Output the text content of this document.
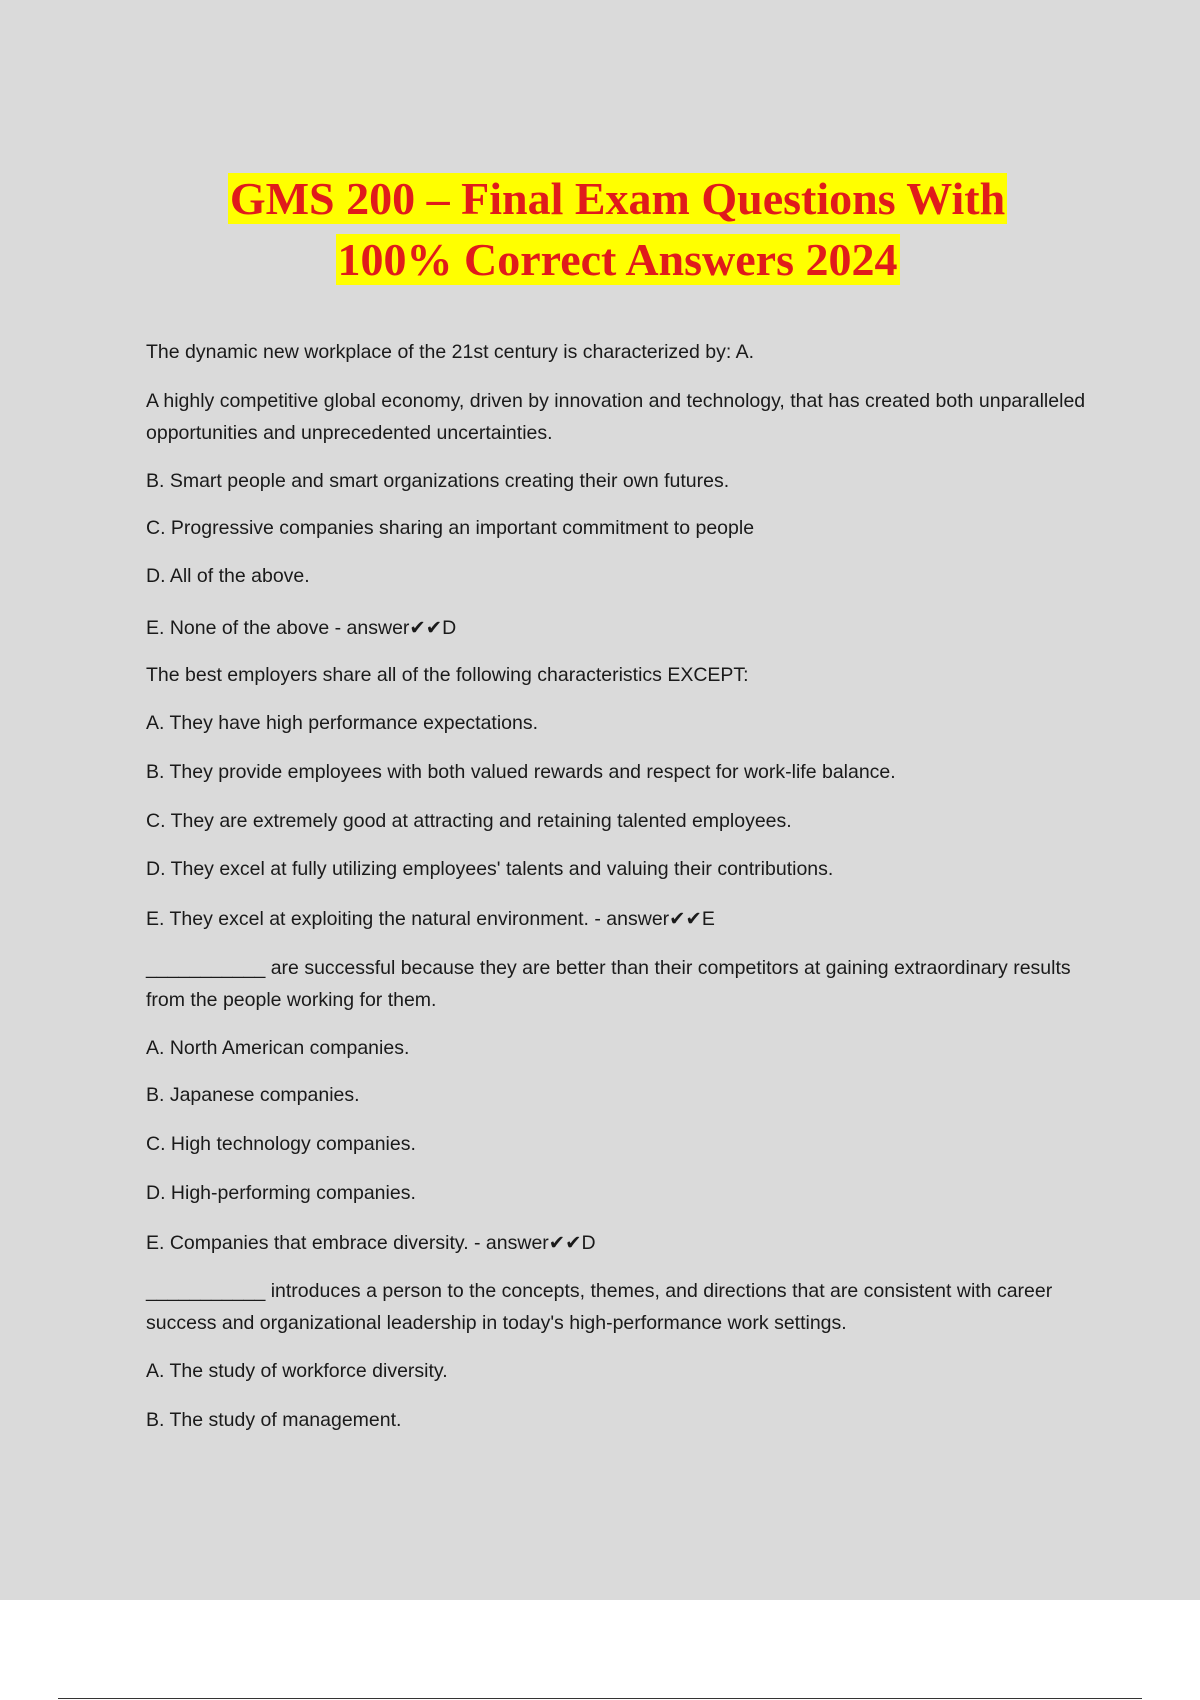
GMS 200 – Final Exam Questions With
100% Correct Answers 2024
The dynamic new workplace of the 21st century is characterized by: A.
A highly competitive global economy, driven by innovation and technology, that has created both unparalleled opportunities and unprecedented uncertainties.
B. Smart people and smart organizations creating their own futures.
C. Progressive companies sharing an important commitment to people
D. All of the above.
E. None of the above - answer✔✔D
The best employers share all of the following characteristics EXCEPT:
A. They have high performance expectations.
B. They provide employees with both valued rewards and respect for work-life balance.
C. They are extremely good at attracting and retaining talented employees.
D. They excel at fully utilizing employees' talents and valuing their contributions.
E. They excel at exploiting the natural environment. - answer✔✔E
___________ are successful because they are better than their competitors at gaining extraordinary results from the people working for them.
A. North American companies.
B. Japanese companies.
C. High technology companies.
D. High-performing companies.
E. Companies that embrace diversity. - answer✔✔D
___________ introduces a person to the concepts, themes, and directions that are consistent with career success and organizational leadership in today's high-performance work settings.
A. The study of workforce diversity.
B. The study of management.
